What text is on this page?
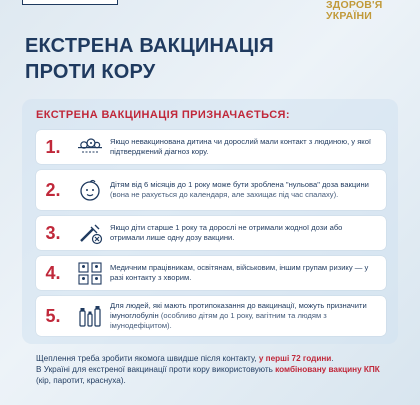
ЗДОРОВ'Я
УКРАЇНИ
ЕКСТРЕНА ВАКЦИНАЦІЯ
ПРОТИ КОРУ
ЕКСТРЕНА ВАКЦИНАЦІЯ ПРИЗНАЧАЄТЬСЯ:
1.	Якщо невакцинована дитина чи дорослий мали контакт з людиною, у якої підтверджений діагноз кору.
2.	Дітям від 6 місяців до 1 року може бути зроблена "нульова" доза вакцини (вона не рахується до календаря, але захищає під час спалаху).
3.	Якщо діти старше 1 року та дорослі не отримали жодної дози або отримали лише одну дозу вакцини.
4.	Медичним працівникам, освітянам, військовим, іншим групам ризику — у разі контакту з хворим.
5.	Для людей, які мають протипоказання до вакцинації, можуть призначити імуноглобулін (особливо дітям до 1 року, вагітним та людям з імунодефіцитом).
Щеплення треба зробити якомога швидше після контакту, у перші 72 години.
В Україні для екстреної вакцинації проти кору використовують комбіновану вакцину КПК (кір, паротит, краснуха).
